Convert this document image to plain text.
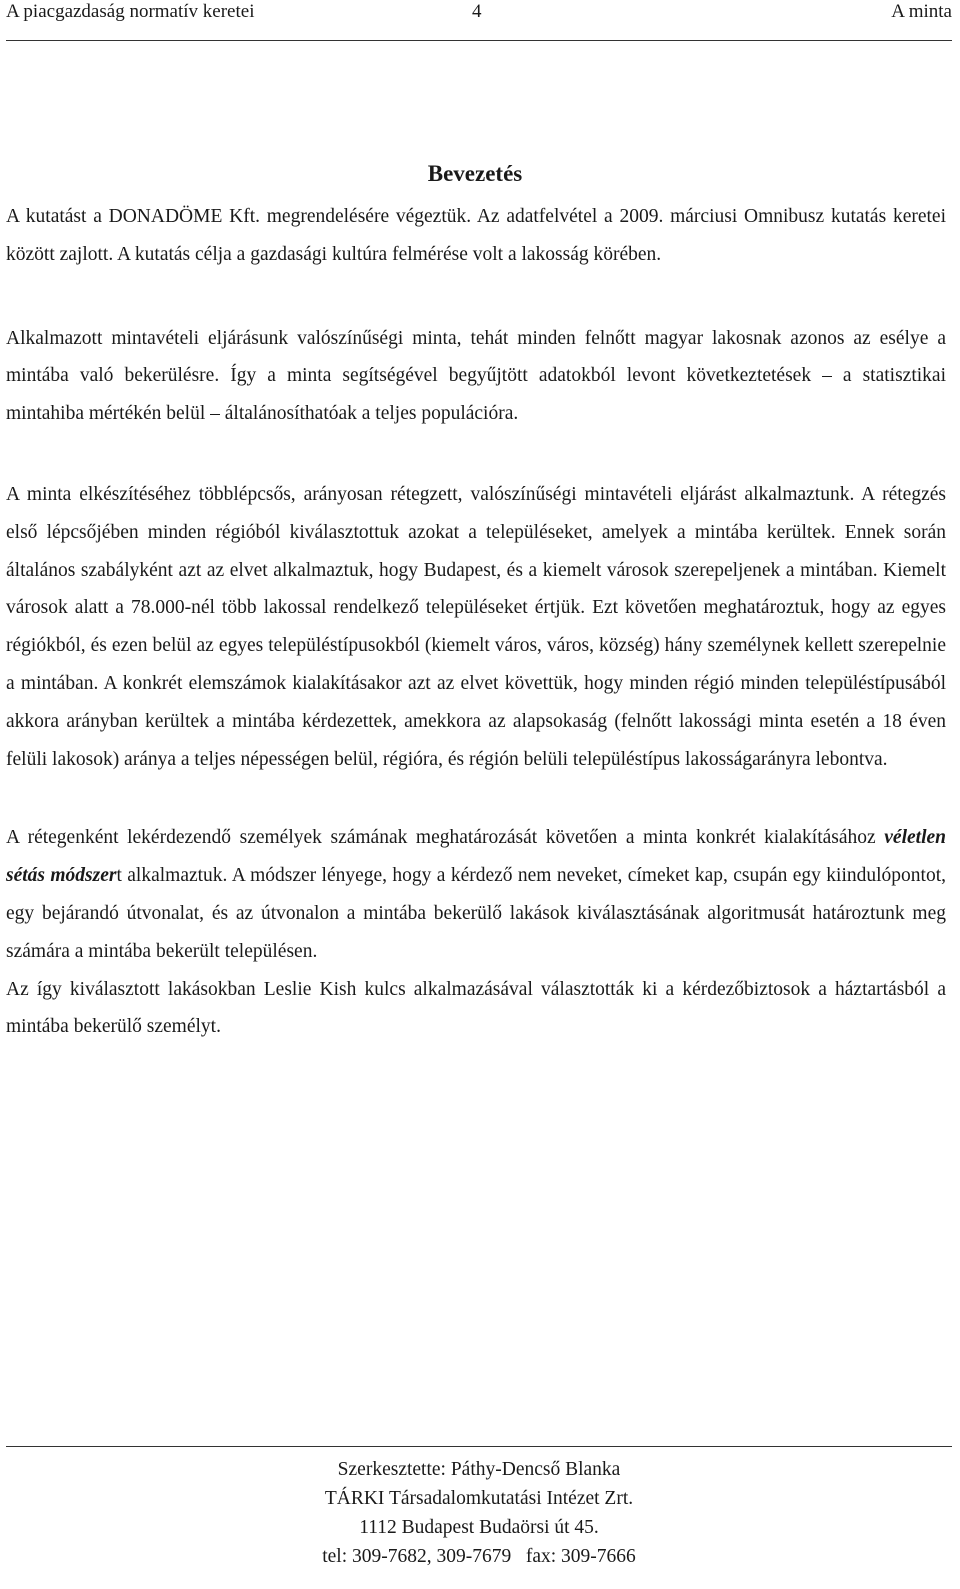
A piacgazdaság normatív keretei	4	A minta
Bevezetés

A kutatást a DONADÖME Kft. megrendelésére végeztük. Az adatfelvétel a 2009. márciusi Omnibusz kutatás keretei között zajlott. A kutatás célja a gazdasági kultúra felmérése volt a lakosság körében.

Alkalmazott mintavételi eljárásunk valószínűségi minta, tehát minden felnőtt magyar lakosnak azonos az esélye a mintába való bekerülésre. Így a minta segítségével begyűjtött adatokból levont következtetések – a statisztikai mintahiba mértékén belül – általánosíthatóak a teljes populációra.

A minta elkészítéséhez többlépcsős, arányosan rétegzett, valószínűségi mintavételi eljárást alkalmaztunk. A rétegzés első lépcsőjében minden régióból kiválasztottuk azokat a településeket, amelyek a mintába kerültek. Ennek során általános szabályként azt az elvet alkalmaztuk, hogy Budapest, és a kiemelt városok szerepeljenek a mintában. Kiemelt városok alatt a 78.000-nél több lakossal rendelkező településeket értjük. Ezt követően meghatároztuk, hogy az egyes régiókból, és ezen belül az egyes településtípusokból (kiemelt város, város, község) hány személynek kellett szerepelnie a mintában. A konkrét elemszámok kialakításakor azt az elvet követtük, hogy minden régió minden településtípusából akkora arányban kerültek a mintába kérdezettek, amekkora az alapsokaság (felnőtt lakossági minta esetén a 18 éven felüli lakosok) aránya a teljes népességen belül, régióra, és régión belüli településtípus lakosságarányra lebontva.

A rétegenként lekérdezendő személyek számának meghatározását követően a minta konkrét kialakításához véletlen sétás módszert alkalmaztuk. A módszer lényege, hogy a kérdező nem neveket, címeket kap, csupán egy kiindulópontot, egy bejárandó útvonalat, és az útvonalon a mintába bekerülő lakások kiválasztásának algoritmusát határoztunk meg számára a mintába bekerült településen.

Az így kiválasztott lakásokban Leslie Kish kulcs alkalmazásával választották ki a kérdezőbiztosok a háztartásból a mintába bekerülő személyt.

Szerkesztette: Páthy-Dencső Blanka
TÁRKI Társadalomkutatási Intézet Zrt.
1112 Budapest Budaörsi út 45.
tel: 309-7682, 309-7679   fax: 309-7666
